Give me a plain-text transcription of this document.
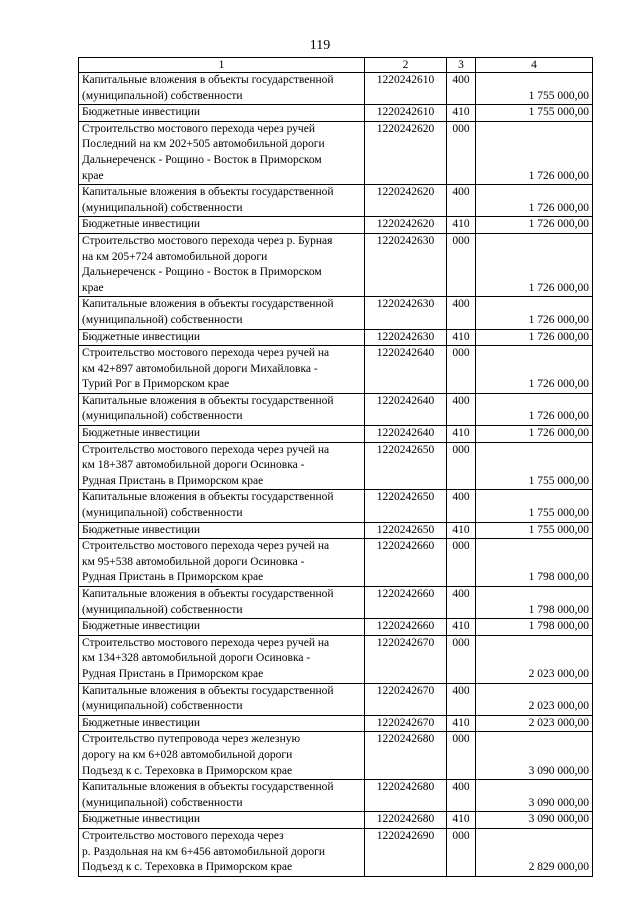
119
1	2	3	4
Капитальные вложения в объекты государственной
(муниципальной) собственности	1220242610	400	1 755 000,00
Бюджетные инвестиции	1220242610	410	1 755 000,00
Строительство мостового перехода через ручей
Последний на км 202+505 автомобильной дороги
Дальнереченск - Рощино - Восток в Приморском
крае	1220242620	000	1 726 000,00
Капитальные вложения в объекты государственной
(муниципальной) собственности	1220242620	400	1 726 000,00
Бюджетные инвестиции	1220242620	410	1 726 000,00
Строительство мостового перехода через р. Бурная
на км 205+724 автомобильной дороги
Дальнереченск - Рощино - Восток в Приморском
крае	1220242630	000	1 726 000,00
Капитальные вложения в объекты государственной
(муниципальной) собственности	1220242630	400	1 726 000,00
Бюджетные инвестиции	1220242630	410	1 726 000,00
Строительство мостового перехода через ручей на
км 42+897 автомобильной дороги Михайловка -
Турий Рог в Приморском крае	1220242640	000	1 726 000,00
Капитальные вложения в объекты государственной
(муниципальной) собственности	1220242640	400	1 726 000,00
Бюджетные инвестиции	1220242640	410	1 726 000,00
Строительство мостового перехода через ручей на
км 18+387 автомобильной дороги Осиновка -
Рудная Пристань в Приморском крае	1220242650	000	1 755 000,00
Капитальные вложения в объекты государственной
(муниципальной) собственности	1220242650	400	1 755 000,00
Бюджетные инвестиции	1220242650	410	1 755 000,00
Строительство мостового перехода через ручей на
км 95+538 автомобильной дороги Осиновка -
Рудная Пристань в Приморском крае	1220242660	000	1 798 000,00
Капитальные вложения в объекты государственной
(муниципальной) собственности	1220242660	400	1 798 000,00
Бюджетные инвестиции	1220242660	410	1 798 000,00
Строительство мостового перехода через ручей на
км 134+328 автомобильной дороги Осиновка -
Рудная Пристань в Приморском крае	1220242670	000	2 023 000,00
Капитальные вложения в объекты государственной
(муниципальной) собственности	1220242670	400	2 023 000,00
Бюджетные инвестиции	1220242670	410	2 023 000,00
Строительство путепровода через железную
дорогу на км 6+028 автомобильной дороги
Подъезд к с. Тереховка в Приморском крае	1220242680	000	3 090 000,00
Капитальные вложения в объекты государственной
(муниципальной) собственности	1220242680	400	3 090 000,00
Бюджетные инвестиции	1220242680	410	3 090 000,00
Строительство мостового перехода через
р. Раздольная на км 6+456 автомобильной дороги
Подъезд к с. Тереховка в Приморском крае	1220242690	000	2 829 000,00
